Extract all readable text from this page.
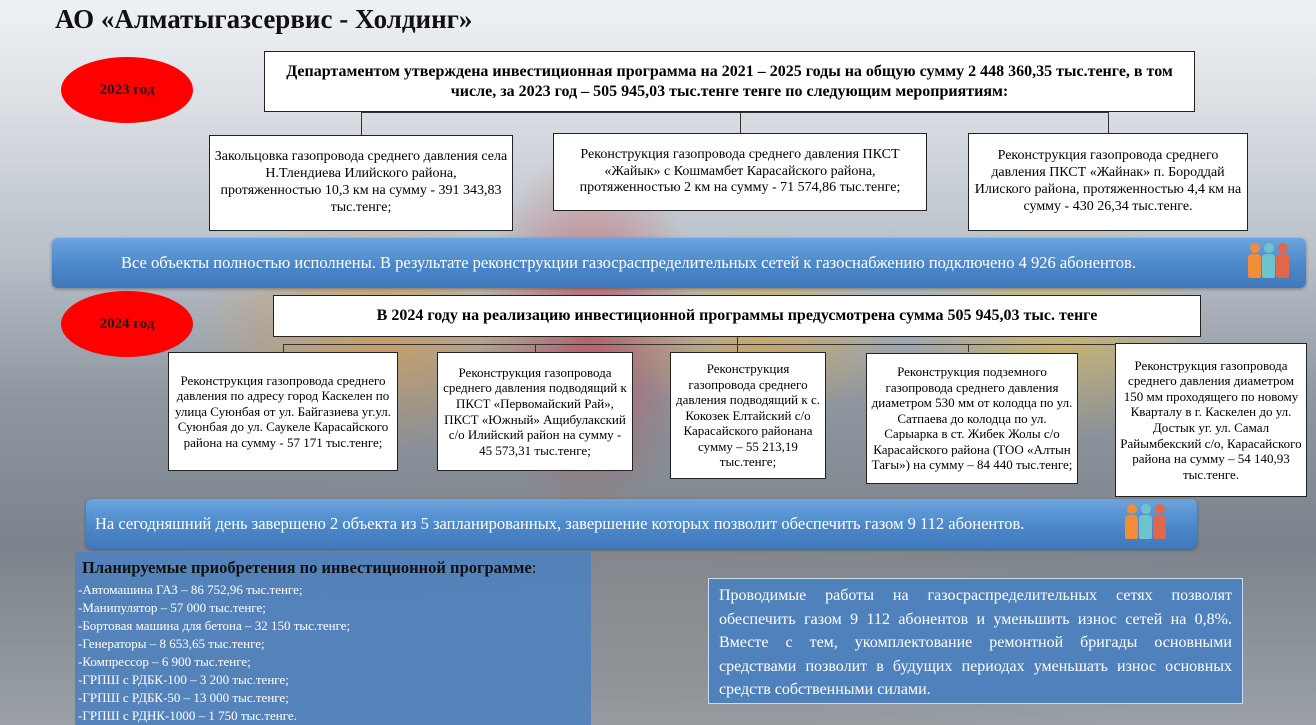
АО «Алматыгазсервис - Холдинг»
2023 год
Департаментом утверждена инвестиционная программа на 2021 – 2025 годы на общую сумму 2 448 360,35 тыс.тенге, в том числе, за 2023 год – 505 945,03 тыс.тенге тенге по следующим мероприятиям:
Закольцовка газопровода среднего давления села Н.Тлендиева Илийского района, протяженностью 10,3 км на сумму - 391 343,83 тыс.тенге;
Реконструкция газопровода среднего давления ПКСТ «Жайык» с Кошмамбет Карасайского района, протяженностью 2 км на сумму - 71 574,86 тыс.тенге;
Реконструкция газопровода среднего давления ПКСТ «Жайнак» п. Бороддай Илиского района, протяженностью 4,4 км на сумму - 430 26,34 тыс.тенге.
Все объекты полностью исполнены. В результате реконструкции газосраспределительных сетей к газоснабжению подключено 4 926 абонентов.
2024 год	В 2024 году на реализацию инвестиционной программы предусмотрена сумма 505 945,03 тыс. тенге
Реконструкция газопровода среднего давления по адресу город Каскелен по улица Суюнбая от ул. Байгазиева уг.ул. Суюнбая до ул. Саукеле Карасайского района на сумму - 57 171 тыс.тенге;
Реконструкция газопровода среднего давления подводящий к ПКСТ «Первомайский Рай», ПКСТ «Южный» Ащибулакский с/о Илийский район на сумму - 45 573,31 тыс.тенге;
Реконструкция газопровода среднего давления подводящий к с. Кокозек Елтайский с/о Карасайского районана сумму – 55 213,19 тыс.тенге;
Реконструкция подземного газопровода среднего давления диаметром 530 мм от колодца по ул. Сатпаева до колодца по ул. Сарыарка в ст. Жибек Жолы с/о Карасайского района (ТОО «Алтын Тағы») на сумму – 84 440 тыс.тенге;
Реконструкция газопровода среднего давления диаметром 150 мм проходящего по новому Кварталу в г. Каскелен до ул. Достык уг. ул. Самал Райымбекский с/о, Карасайского района на сумму – 54 140,93 тыс.тенге.
На сегодняшний день завершено 2 объекта из 5 запланированных, завершение которых позволит обеспечить газом 9 112 абонентов.
Планируемые приобретения по инвестиционной программе:
-Автомашина ГАЗ – 86 752,96 тыс.тенге;
-Манипулятор – 57 000 тыс.тенге;
-Бортовая машина для бетона – 32 150 тыс.тенге;
-Генераторы – 8 653,65 тыс.тенге;
-Компрессор – 6 900 тыс.тенге;
-ГРПШ с РДБК-100 – 3 200 тыс.тенге;
-ГРПШ с РДБК-50 – 13 000 тыс.тенге;
-ГРПШ с РДНК-1000 – 1 750 тыс.тенге.
Проводимые работы на газосраспределительных сетях позволят обеспечить газом 9 112 абонентов и уменьшить износ сетей на 0,8%. Вместе с тем, укомплектование ремонтной бригады основными средствами позволит в будущих периодах уменьшать износ основных средств собственными силами.
